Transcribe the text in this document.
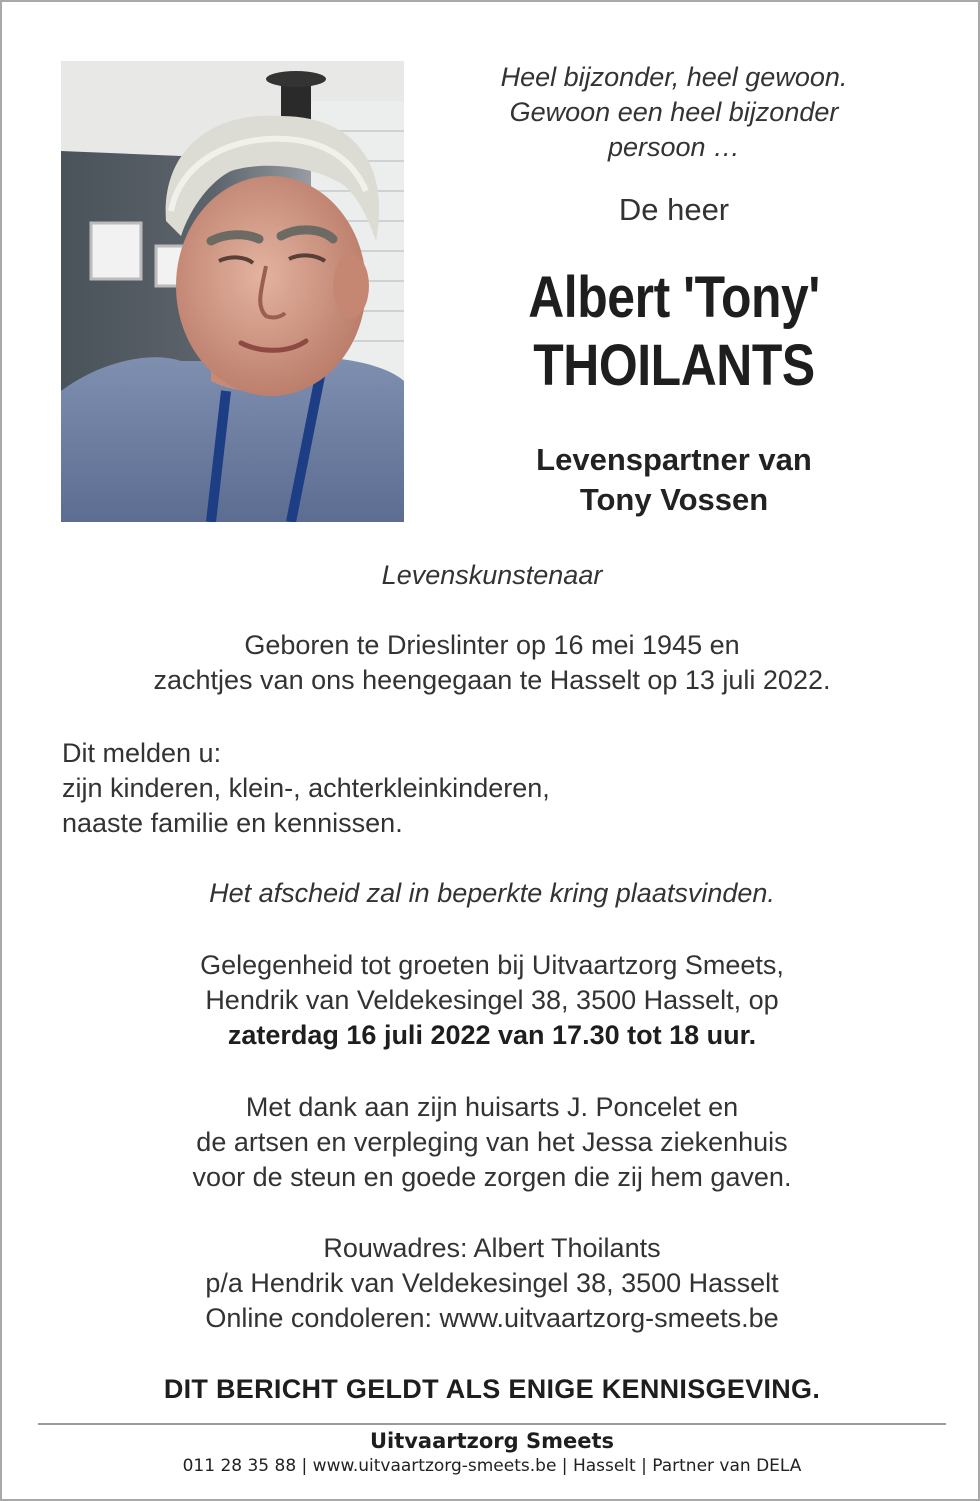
Heel bijzonder, heel gewoon.
Gewoon een heel bijzonder
persoon …
De heer
Albert 'Tony'
THOILANTS
Levenspartner van
Tony Vossen
Levenskunstenaar
Geboren te Drieslinter op 16 mei 1945 en
zachtjes van ons heengegaan te Hasselt op 13 juli 2022.
Dit melden u:
zijn kinderen, klein-, achterkleinkinderen,
naaste familie en kennissen.
Het afscheid zal in beperkte kring plaatsvinden.
Gelegenheid tot groeten bij Uitvaartzorg Smeets,
Hendrik van Veldekesingel 38, 3500 Hasselt, op
zaterdag 16 juli 2022 van 17.30 tot 18 uur.
Met dank aan zijn huisarts J. Poncelet en
de artsen en verpleging van het Jessa ziekenhuis
voor de steun en goede zorgen die zij hem gaven.
Rouwadres: Albert Thoilants
p/a Hendrik van Veldekesingel 38, 3500 Hasselt
Online condoleren: www.uitvaartzorg-smeets.be
DIT BERICHT GELDT ALS ENIGE KENNISGEVING.
Uitvaartzorg Smeets
011 28 35 88 | www.uitvaartzorg-smeets.be | Hasselt | Partner van DELA
